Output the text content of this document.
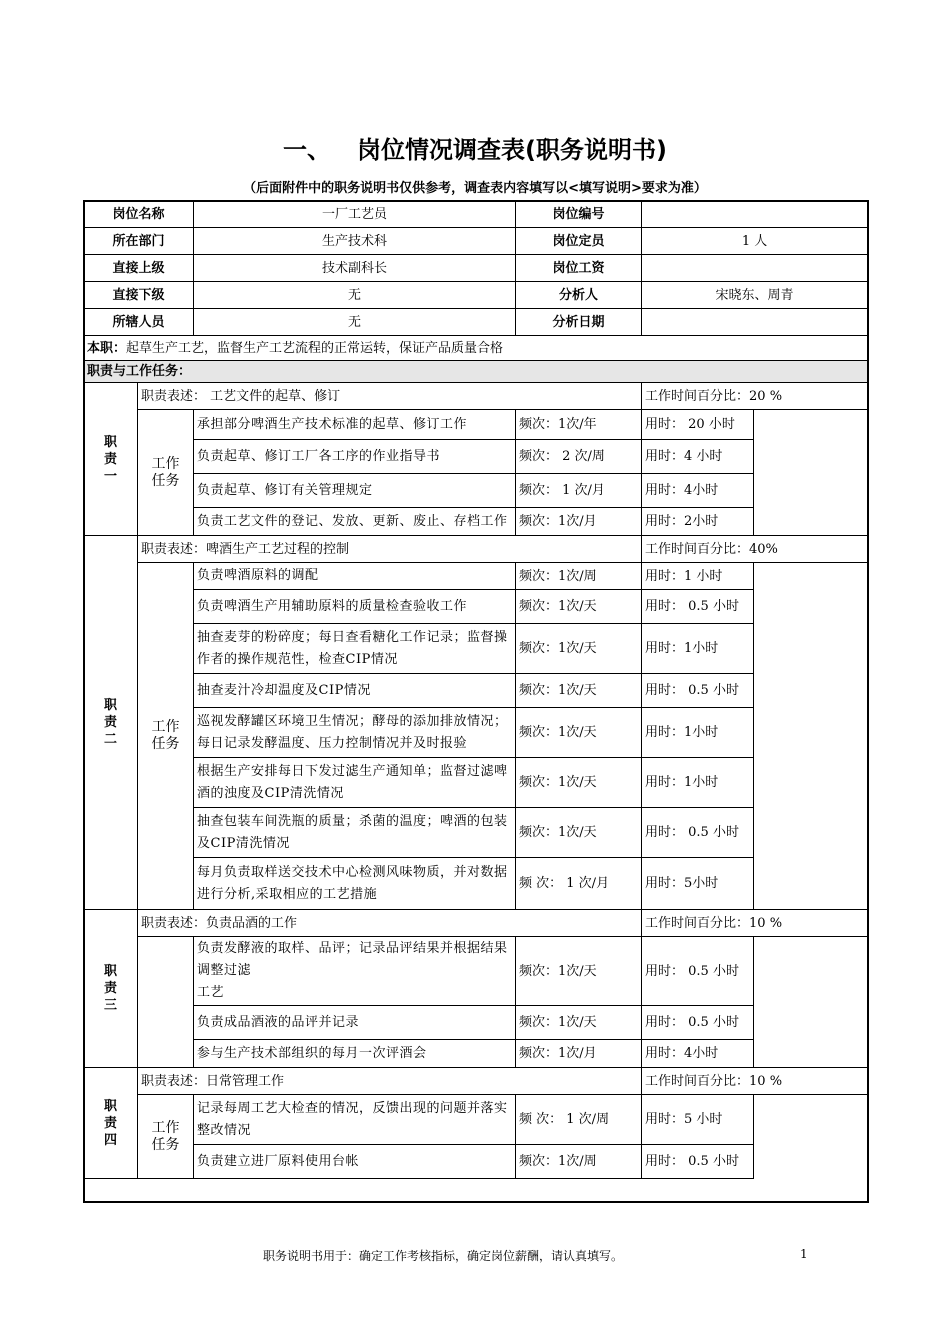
一、 岗位情况调查表(职务说明书)
（后面附件中的职务说明书仅供参考，调查表内容填写以<填写说明>要求为准）
岗位名称		一厂工艺员	岗位编号	
所在部门		生产技术科	岗位定员	1 人
直接上级		技术副科长	岗位工资	
直接下级		无	分析人	宋晓东、周青
所辖人员		无	分析日期	
本职：起草生产工艺，监督生产工艺流程的正常运转，保证产品质量合格				
职责与工作任务：				

职责一	职责表述： 工艺文件的起草、修订			工作时间百分比：20 %
	工作
任务	承担部分啤酒生产技术标准的起草、修订工作	频次：1次/年	用时： 20 小时
		负责起草、修订工厂各工序的作业指导书	频次： 2 次/周	用时：4 小时
		负责起草、修订有关管理规定	频次： 1 次/月	用时：4小时
		负责工艺文件的登记、发放、更新、废止、存档工作	频次：1次/月	用时：2小时

职责二	职责表述：啤酒生产工艺过程的控制			工作时间百分比：40%
	工作
任务	负责啤酒原料的调配	频次：1次/周	用时：1 小时
		负责啤酒生产用辅助原料的质量检查验收工作	频次：1次/天	用时： 0.5 小时
		抽查麦芽的粉碎度；每日查看糖化工作记录；监督操作者的操作规范性，检查CIP情况	频次：1次/天	用时：1小时
		抽查麦汁冷却温度及CIP情况	频次：1次/天	用时： 0.5 小时
		巡视发酵罐区环境卫生情况；酵母的添加排放情况；每日记录发酵温度、压力控制情况并及时报验	频次：1次/天	用时：1小时
		根据生产安排每日下发过滤生产通知单；监督过滤啤酒的浊度及CIP清洗情况	频次：1次/天	用时：1小时
		抽查包装车间洗瓶的质量；杀菌的温度；啤酒的包装及CIP清洗情况	频次：1次/天	用时： 0.5 小时
		每月负责取样送交技术中心检测风味物质，并对数据进行分析,采取相应的工艺措施	频 次： 1 次/月	用时：5小时

职责三	职责表述：负责品酒的工作			工作时间百分比：10 %
		负责发酵液的取样、品评；记录品评结果并根据结果调整过滤
工艺	频次：1次/天	用时： 0.5 小时
		负责成品酒液的品评并记录	频次：1次/天	用时： 0.5 小时
		参与生产技术部组织的每月一次评酒会	频次：1次/月	用时：4小时

职责四	职责表述：日常管理工作			工作时间百分比：10 %
	工作
任务	记录每周工艺大检查的情况，反馈出现的问题并落实整改情况	频 次： 1 次/周	用时：5 小时
		负责建立进厂原料使用台帐	频次：1次/周	用时： 0.5 小时
职务说明书用于：确定工作考核指标，确定岗位薪酬，请认真填写。	1
